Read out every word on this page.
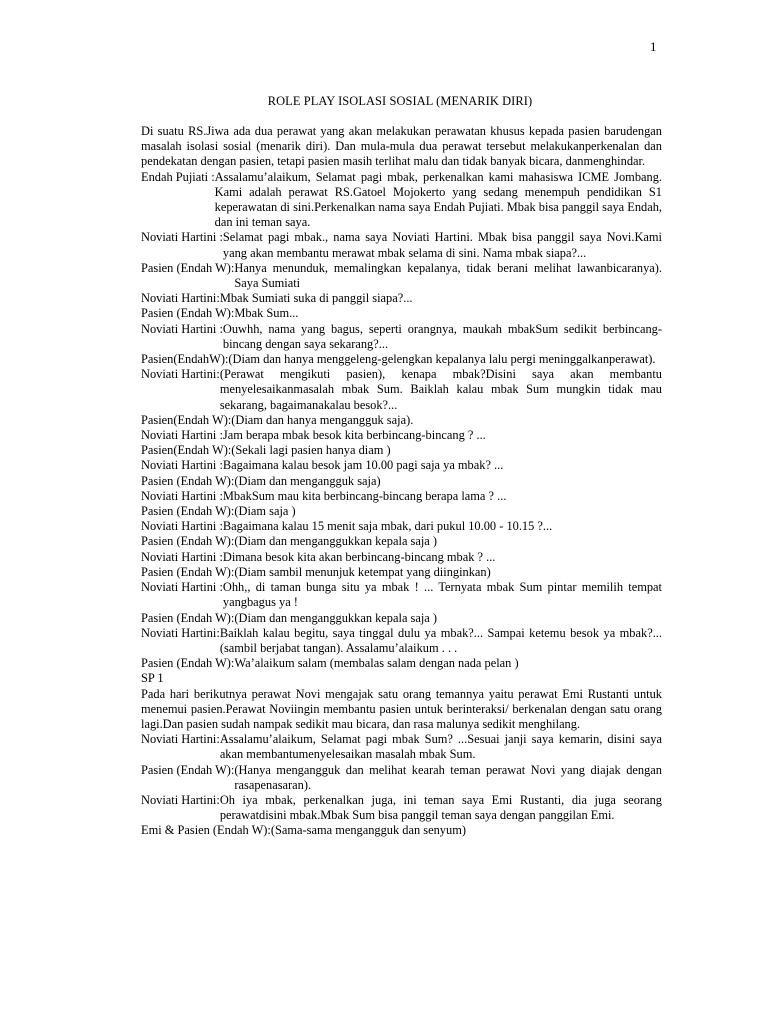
1
ROLE PLAY ISOLASI SOSIAL (MENARIK DIRI)

Di suatu RS.Jiwa ada dua perawat yang akan melakukan perawatan khusus kepada pasien barudengan masalah isolasi sosial (menarik diri). Dan mula-mula dua perawat tersebut melakukanperkenalan dan pendekatan dengan pasien, tetapi pasien masih terlihat malu dan tidak banyak bicara, danmenghindar.

Endah Pujiati : Assalamu’alaikum, Selamat pagi mbak, perkenalkan kami mahasiswa ICME Jombang. Kami adalah perawat RS.Gatoel Mojokerto yang sedang menempuh pendidikan S1 keperawatan di sini.Perkenalkan nama saya Endah Pujiati. Mbak bisa panggil saya Endah, dan ini teman saya.
Noviati Hartini : Selamat pagi mbak., nama saya Noviati Hartini. Mbak bisa panggil saya Novi.Kami yang akan membantu merawat mbak selama di sini. Nama mbak siapa?...
Pasien (Endah W): Hanya menunduk, memalingkan kepalanya, tidak berani melihat lawanbicaranya). Saya Sumiati
Noviati Hartini: Mbak Sumiati suka di panggil siapa?...
Pasien (Endah W): Mbak Sum...
Noviati Hartini : Ouwhh, nama yang bagus, seperti orangnya, maukah mbakSum sedikit berbincang-bincang dengan saya sekarang?...
Pasien(EndahW): (Diam dan hanya menggeleng-gelengkan kepalanya lalu pergi meninggalkanperawat).
Noviati Hartini: (Perawat mengikuti pasien), kenapa mbak?Disini saya akan membantu menyelesaikanmasalah mbak Sum. Baiklah kalau mbak Sum mungkin tidak mau sekarang, bagaimanakalau besok?...
Pasien(Endah W): (Diam dan hanya mengangguk saja).
Noviati Hartini : Jam berapa mbak besok kita berbincang-bincang ? ...
Pasien(Endah W): (Sekali lagi pasien hanya diam )
Noviati Hartini : Bagaimana kalau besok jam 10.00 pagi saja ya mbak? ...
Pasien (Endah W): (Diam dan mengangguk saja)
Noviati Hartini : MbakSum mau kita berbincang-bincang berapa lama ? ...
Pasien (Endah W): (Diam saja )
Noviati Hartini : Bagaimana kalau 15 menit saja mbak, dari pukul 10.00 - 10.15 ?...
Pasien (Endah W): (Diam dan menganggukkan kepala saja )
Noviati Hartini : Dimana besok kita akan berbincang-bincang mbak ? ...
Pasien (Endah W): (Diam sambil menunjuk ketempat yang diinginkan)
Noviati Hartini : Ohh,, di taman bunga situ ya mbak ! ... Ternyata mbak Sum pintar memilih tempat yangbagus ya !
Pasien (Endah W): (Diam dan menganggukkan kepala saja )
Noviati Hartini: Baiklah kalau begitu, saya tinggal dulu ya mbak?... Sampai ketemu besok ya mbak?...(sambil berjabat tangan). Assalamu’alaikum . . .
Pasien (Endah W): Wa’alaikum salam (membalas salam dengan nada pelan )

SP 1

Pada hari berikutnya perawat Novi mengajak satu orang temannya yaitu perawat Emi Rustanti untuk menemui pasien.Perawat Noviingin membantu pasien untuk berinteraksi/ berkenalan dengan satu orang lagi.Dan pasien sudah nampak sedikit mau bicara, dan rasa malunya sedikit menghilang.

Noviati Hartini: Assalamu’alaikum, Selamat pagi mbak Sum? ...Sesuai janji saya kemarin, disini saya akan membantumenyelesaikan masalah mbak Sum.
Pasien (Endah W): (Hanya mengangguk dan melihat kearah teman perawat Novi yang diajak dengan rasapenasaran).
Noviati Hartini: Oh iya mbak, perkenalkan juga, ini teman saya Emi Rustanti, dia juga seorang perawatdisini mbak.Mbak Sum bisa panggil teman saya dengan panggilan Emi.
Emi & Pasien (Endah W): (Sama-sama mengangguk dan senyum)
